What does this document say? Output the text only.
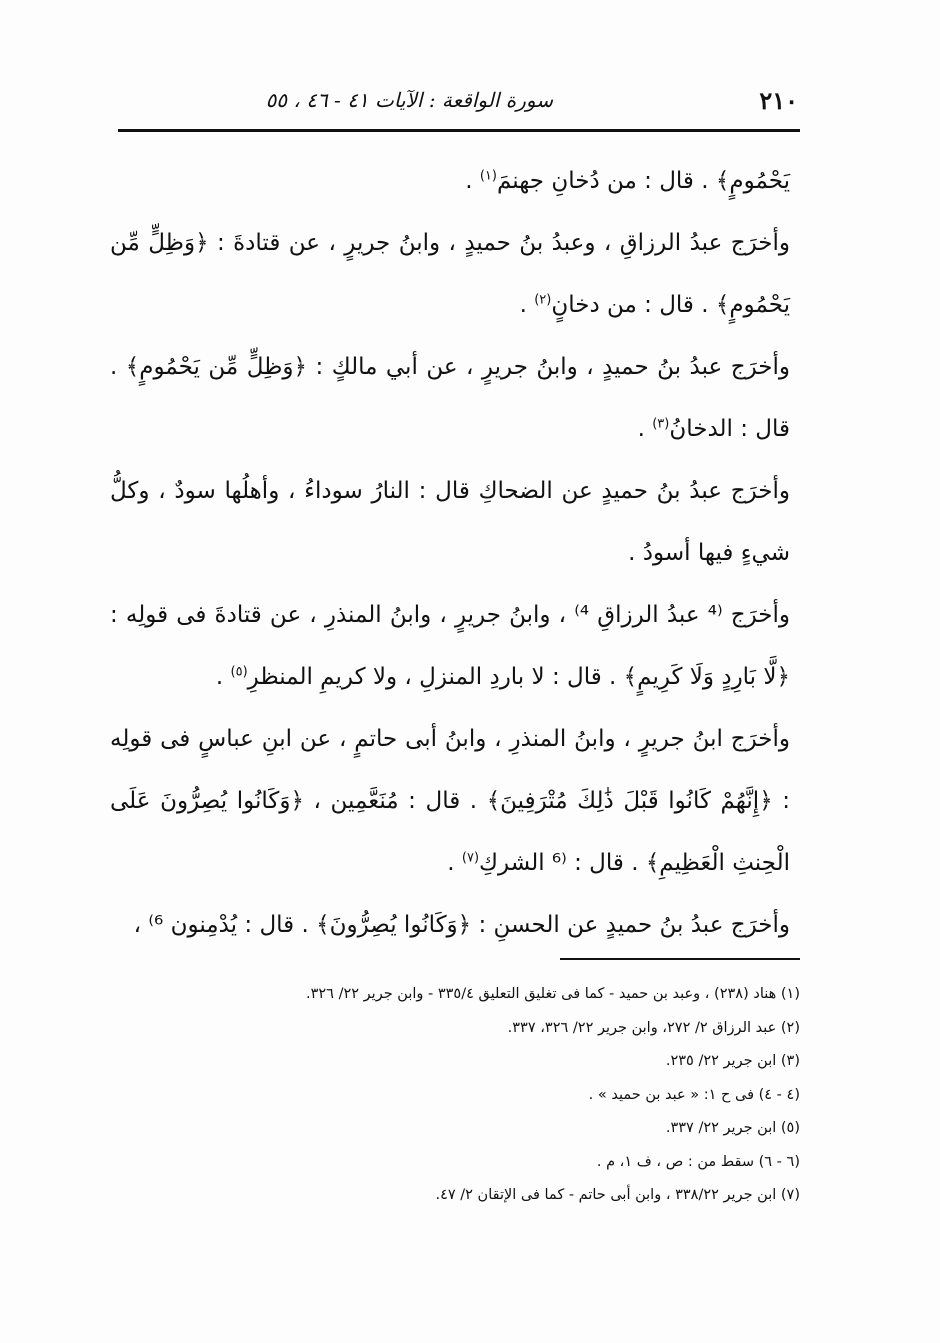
٢١٠
سورة الواقعة : الآيات ٤١ - ٤٦ ، ٥٥

يَحْمُومٍ﴾ . قال : من دُخانِ جهنمَ$^{(١)}$ .

وأخرَج عبدُ الرزاقِ ، وعبدُ بنُ حميدٍ ، وابنُ جريرٍ ، عن قتادةَ : ﴿وَظِلٍّ مِّن يَحْمُومٍ﴾ . قال : من دخانٍ$^{(٢)}$ .

وأخرَج عبدُ بنُ حميدٍ ، وابنُ جريرٍ ، عن أبي مالكٍ : ﴿وَظِلٍّ مِّن يَحْمُومٍ﴾ . قال : الدخانُ$^{(٣)}$ .

وأخرَج عبدُ بنُ حميدٍ عن الضحاكِ قال : النارُ سوداءُ ، وأهلُها سودٌ ، وكلُّ شيءٍ فيها أسودُ .

وأخرَج ⁽⁴ عبدُ الرزاقِ ⁴⁾ ، وابنُ جريرٍ ، وابنُ المنذرِ ، عن قتادةَ فى قولِه : ﴿لَّا بَارِدٍ وَلَا كَرِيمٍ﴾ . قال : لا باردِ المنزلِ ، ولا كريمِ المنظرِ$^{(٥)}$ .

وأخرَج ابنُ جريرٍ ، وابنُ المنذرِ ، وابنُ أبى حاتمٍ ، عن ابنِ عباسٍ فى قولِه : ﴿إِنَّهُمْ كَانُوا قَبْلَ ذَٰلِكَ مُتْرَفِينَ﴾ . قال : مُنَعَّمِين ، ﴿وَكَانُوا يُصِرُّونَ عَلَى الْحِنثِ الْعَظِيمِ﴾ . قال : ⁽⁶ الشركِ$^{(٧)}$ .

وأخرَج عبدُ بنُ حميدٍ عن الحسنِ : ﴿وَكَانُوا يُصِرُّونَ﴾ . قال : يُدْمِنون ⁶⁾ ،

(١) هناد (٢٣٨) ، وعبد بن حميد - كما فى تغليق التعليق ٣٣٥/٤ - وابن جرير ٢٢/ ٣٢٦.

(٢) عبد الرزاق ٢/ ٢٧٢، وابن جرير ٢٢/ ٣٢٦، ٣٣٧.

(٣) ابن جرير ٢٢/ ٢٣٥.

(٤ - ٤) فى ح ١: « عبد بن حميد » .

(٥) ابن جرير ٢٢/ ٣٣٧.

(٦ - ٦) سقط من : ص ، ف ١، م .

(٧) ابن جرير ٣٣٨/٢٢ ، وابن أبى حاتم - كما فى الإتقان ٢/ ٤٧.
